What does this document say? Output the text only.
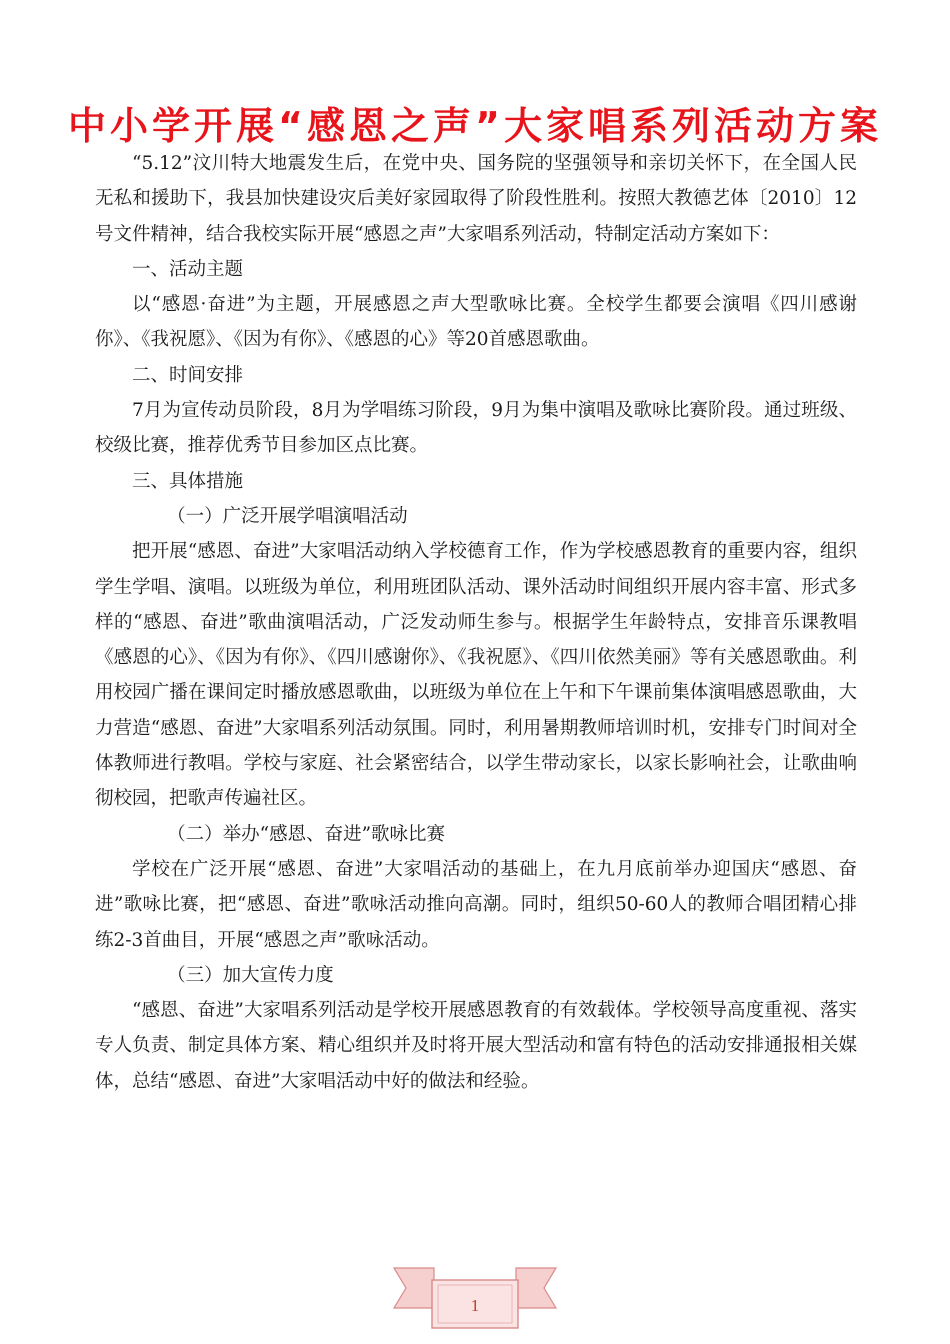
中小学开展“感恩之声”大家唱系列活动方案

“5.12”汶川特大地震发生后，在党中央、国务院的坚强领导和亲切关怀下，在全国人民无私和援助下，我县加快建设灾后美好家园取得了阶段性胜利。按照大教德艺体〔2010〕12号文件精神，结合我校实际开展“感恩之声”大家唱系列活动，特制定活动方案如下：

一、活动主题

以“感恩·奋进”为主题，开展感恩之声大型歌咏比赛。全校学生都要会演唱《四川感谢你》、《我祝愿》、《因为有你》、《感恩的心》等20首感恩歌曲。

二、时间安排

7月为宣传动员阶段，8月为学唱练习阶段，9月为集中演唱及歌咏比赛阶段。通过班级、校级比赛，推荐优秀节目参加区点比赛。

三、具体措施

（一）广泛开展学唱演唱活动

把开展“感恩、奋进”大家唱活动纳入学校德育工作，作为学校感恩教育的重要内容，组织学生学唱、演唱。以班级为单位，利用班团队活动、课外活动时间组织开展内容丰富、形式多样的“感恩、奋进”歌曲演唱活动，广泛发动师生参与。根据学生年龄特点，安排音乐课教唱《感恩的心》、《因为有你》、《四川感谢你》、《我祝愿》、《四川依然美丽》等有关感恩歌曲。利用校园广播在课间定时播放感恩歌曲，以班级为单位在上午和下午课前集体演唱感恩歌曲，大力营造“感恩、奋进”大家唱系列活动氛围。同时，利用暑期教师培训时机，安排专门时间对全体教师进行教唱。学校与家庭、社会紧密结合，以学生带动家长，以家长影响社会，让歌曲响彻校园，把歌声传遍社区。

（二）举办“感恩、奋进”歌咏比赛

学校在广泛开展“感恩、奋进”大家唱活动的基础上，在九月底前举办迎国庆“感恩、奋进”歌咏比赛，把“感恩、奋进”歌咏活动推向高潮。同时，组织50-60人的教师合唱团精心排练2-3首曲目，开展“感恩之声”歌咏活动。

（三）加大宣传力度

“感恩、奋进”大家唱系列活动是学校开展感恩教育的有效载体。学校领导高度重视、落实专人负责、制定具体方案、精心组织并及时将开展大型活动和富有特色的活动安排通报相关媒体，总结“感恩、奋进”大家唱活动中好的做法和经验。

1
